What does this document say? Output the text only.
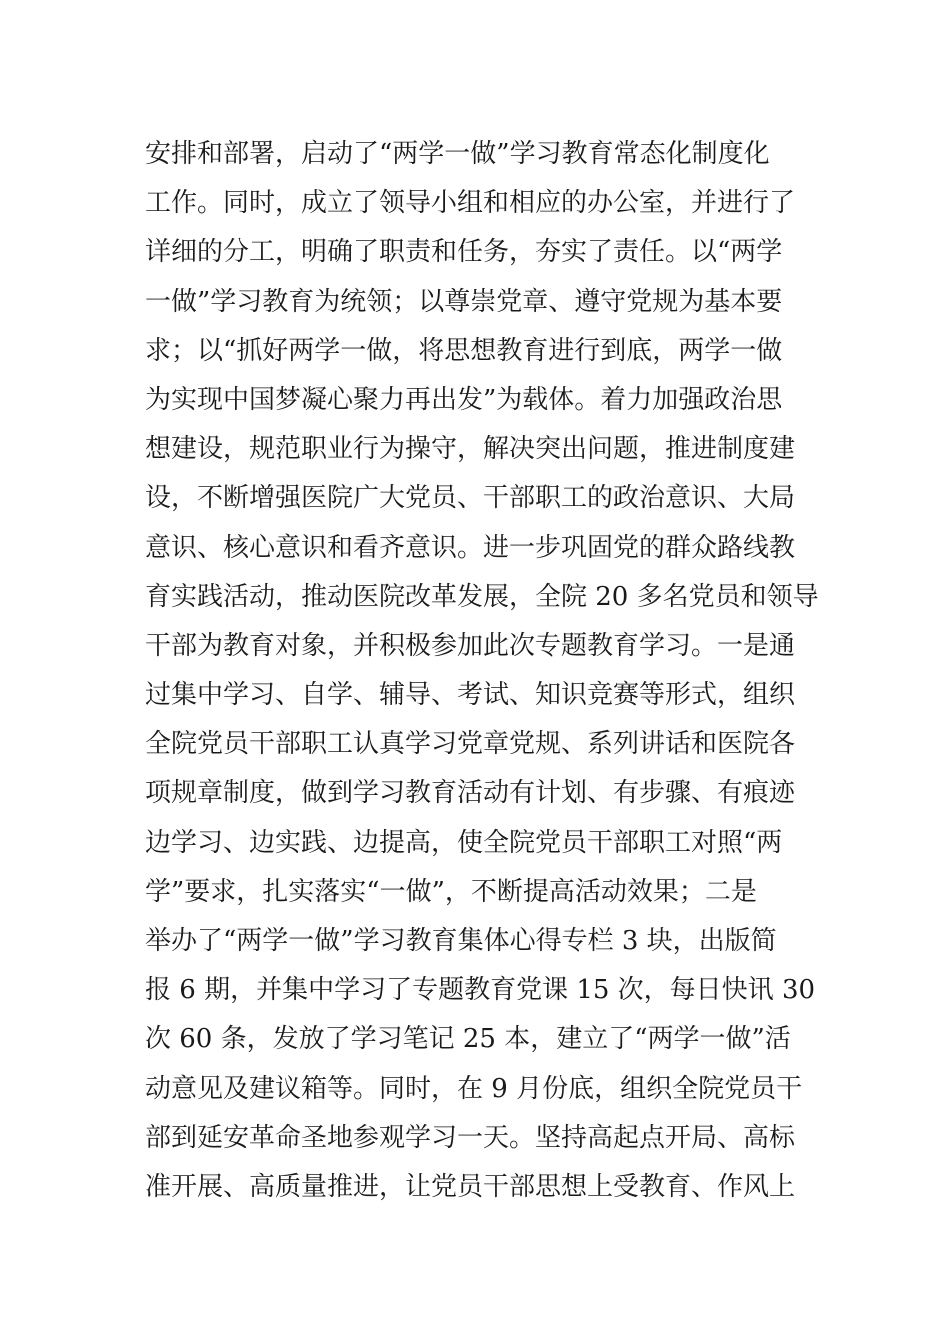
安排和部署，启动了“两学一做”学习教育常态化制度化
工作。同时，成立了领导小组和相应的办公室，并进行了
详细的分工，明确了职责和任务，夯实了责任。以“两学
一做”学习教育为统领；以尊崇党章、遵守党规为基本要
求；以“抓好两学一做，将思想教育进行到底，两学一做
为实现中国梦凝心聚力再出发”为载体。着力加强政治思
想建设，规范职业行为操守，解决突出问题，推进制度建
设，不断增强医院广大党员、干部职工的政治意识、大局
意识、核心意识和看齐意识。进一步巩固党的群众路线教
育实践活动，推动医院改革发展，全院 20 多名党员和领导
干部为教育对象，并积极参加此次专题教育学习。一是通
过集中学习、自学、辅导、考试、知识竞赛等形式，组织
全院党员干部职工认真学习党章党规、系列讲话和医院各
项规章制度，做到学习教育活动有计划、有步骤、有痕迹
边学习、边实践、边提高，使全院党员干部职工对照“两
学”要求，扎实落实“一做”，不断提高活动效果；二是
举办了“两学一做”学习教育集体心得专栏 3 块，出版简
报 6 期，并集中学习了专题教育党课 15 次，每日快讯 30
次 60 条，发放了学习笔记 25 本，建立了“两学一做”活
动意见及建议箱等。同时，在 9 月份底，组织全院党员干
部到延安革命圣地参观学习一天。坚持高起点开局、高标
准开展、高质量推进，让党员干部思想上受教育、作风上
